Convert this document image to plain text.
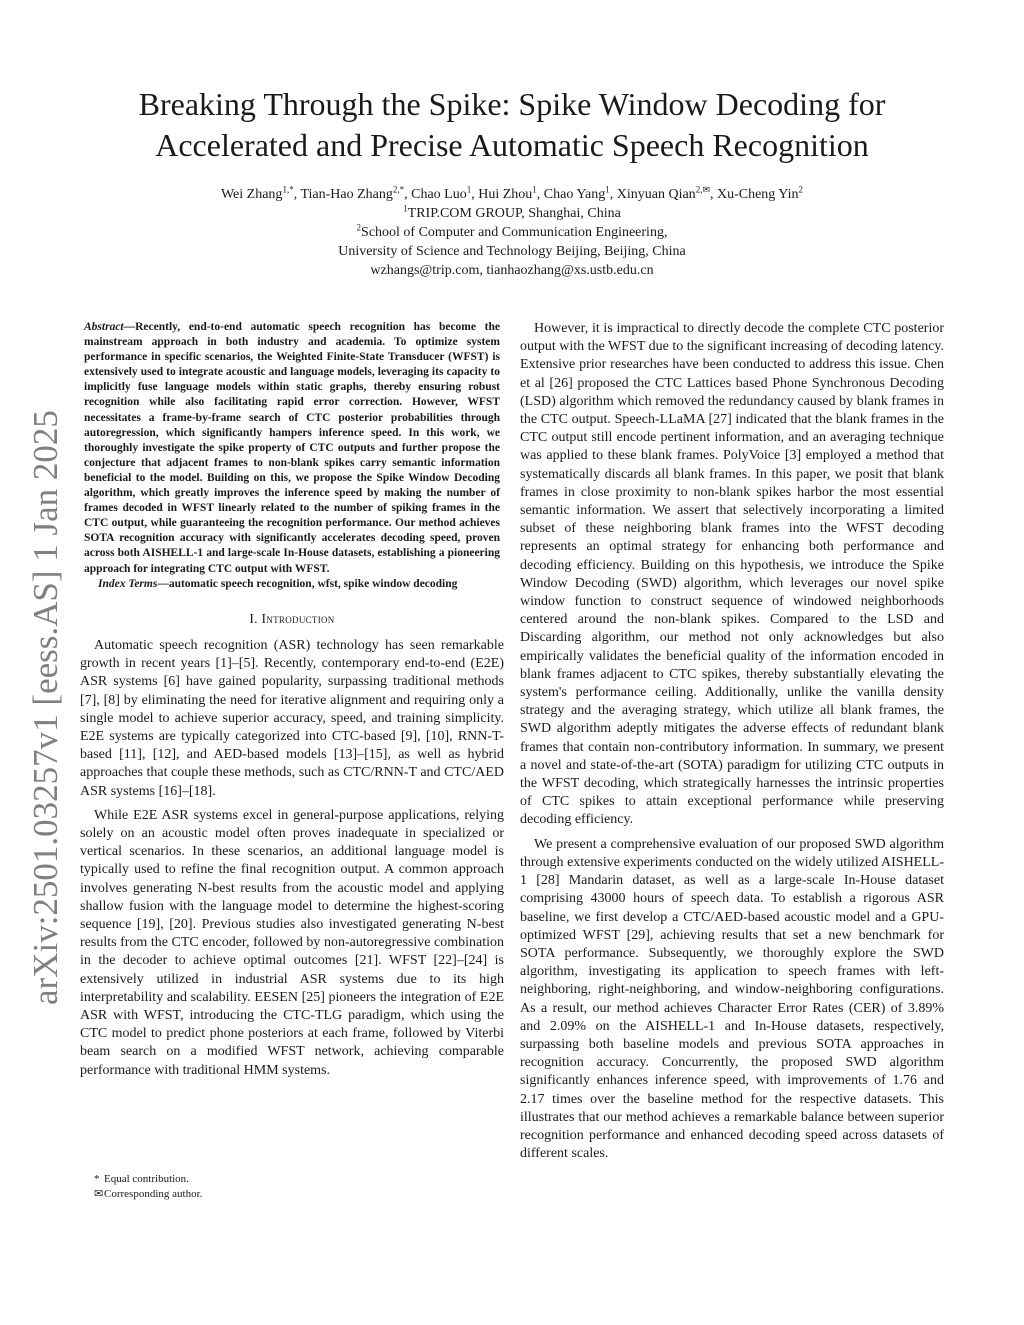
arXiv:2501.03257v1 [eess.AS] 1 Jan 2025
Breaking Through the Spike: Spike Window Decoding for
Accelerated and Precise Automatic Speech Recognition
Wei Zhang$^{1,*}$, Tian-Hao Zhang$^{2,*}$, Chao Luo$^1$, Hui Zhou$^1$, Chao Yang$^1$, Xinyuan Qian$^{2,✉}$, Xu-Cheng Yin$^2$
$^1$TRIP.COM GROUP, Shanghai, China
$^2$School of Computer and Communication Engineering,
University of Science and Technology Beijing, Beijing, China
wzhangs@trip.com, tianhaozhang@xs.ustb.edu.cn

Abstract—Recently, end-to-end automatic speech recognition has become the mainstream approach in both industry and academia. To optimize system performance in specific scenarios, the Weighted Finite-State Transducer (WFST) is extensively used to integrate acoustic and language models, leveraging its capacity to implicitly fuse language models within static graphs, thereby ensuring robust recognition while also facilitating rapid error correction. However, WFST necessitates a frame-by-frame search of CTC posterior probabilities through autoregression, which significantly hampers inference speed. In this work, we thoroughly investigate the spike property of CTC outputs and further propose the conjecture that adjacent frames to non-blank spikes carry semantic information beneficial to the model. Building on this, we propose the Spike Window Decoding algorithm, which greatly improves the inference speed by making the number of frames decoded in WFST linearly related to the number of spiking frames in the CTC output, while guaranteeing the recognition performance. Our method achieves SOTA recognition accuracy with significantly accelerates decoding speed, proven across both AISHELL-1 and large-scale In-House datasets, establishing a pioneering approach for integrating CTC output with WFST.

Index Terms—automatic speech recognition, wfst, spike window decoding

I. Introduction

Automatic speech recognition (ASR) technology has seen remarkable growth in recent years [1]–[5]. Recently, contemporary end-to-end (E2E) ASR systems [6] have gained popularity, surpassing traditional methods [7], [8] by eliminating the need for iterative alignment and requiring only a single model to achieve superior accuracy, speed, and training simplicity. E2E systems are typically categorized into CTC-based [9], [10], RNN-T-based [11], [12], and AED-based models [13]–[15], as well as hybrid approaches that couple these methods, such as CTC/RNN-T and CTC/AED ASR systems [16]–[18].

While E2E ASR systems excel in general-purpose applications, relying solely on an acoustic model often proves inadequate in specialized or vertical scenarios. In these scenarios, an additional language model is typically used to refine the final recognition output. A common approach involves generating N-best results from the acoustic model and applying shallow fusion with the language model to determine the highest-scoring sequence [19], [20]. Previous studies also investigated generating N-best results from the CTC encoder, followed by non-autoregressive combination in the decoder to achieve optimal outcomes [21]. WFST [22]–[24] is extensively utilized in industrial ASR systems due to its high interpretability and scalability. EESEN [25] pioneers the integration of E2E ASR with WFST, introducing the CTC-TLG paradigm, which using the CTC model to predict phone posteriors at each frame, followed by Viterbi beam search on a modified WFST network, achieving comparable performance with traditional HMM systems.

However, it is impractical to directly decode the complete CTC posterior output with the WFST due to the significant increasing of decoding latency. Extensive prior researches have been conducted to address this issue. Chen et al [26] proposed the CTC Lattices based Phone Synchronous Decoding (LSD) algorithm which removed the redundancy caused by blank frames in the CTC output. Speech-LLaMA [27] indicated that the blank frames in the CTC output still encode pertinent information, and an averaging technique was applied to these blank frames. PolyVoice [3] employed a method that systematically discards all blank frames. In this paper, we posit that blank frames in close proximity to non-blank spikes harbor the most essential semantic information. We assert that selectively incorporating a limited subset of these neighboring blank frames into the WFST decoding represents an optimal strategy for enhancing both performance and decoding efficiency. Building on this hypothesis, we introduce the Spike Window Decoding (SWD) algorithm, which leverages our novel spike window function to construct sequence of windowed neighborhoods centered around the non-blank spikes. Compared to the LSD and Discarding algorithm, our method not only acknowledges but also empirically validates the beneficial quality of the information encoded in blank frames adjacent to CTC spikes, thereby substantially elevating the system's performance ceiling. Additionally, unlike the vanilla density strategy and the averaging strategy, which utilize all blank frames, the SWD algorithm adeptly mitigates the adverse effects of redundant blank frames that contain non-contributory information. In summary, we present a novel and state-of-the-art (SOTA) paradigm for utilizing CTC outputs in the WFST decoding, which strategically harnesses the intrinsic properties of CTC spikes to attain exceptional performance while preserving decoding efficiency.

We present a comprehensive evaluation of our proposed SWD algorithm through extensive experiments conducted on the widely utilized AISHELL-1 [28] Mandarin dataset, as well as a large-scale In-House dataset comprising 43000 hours of speech data. To establish a rigorous ASR baseline, we first develop a CTC/AED-based acoustic model and a GPU-optimized WFST [29], achieving results that set a new benchmark for SOTA performance. Subsequently, we thoroughly explore the SWD algorithm, investigating its application to speech frames with left-neighboring, right-neighboring, and window-neighboring configurations. As a result, our method achieves Character Error Rates (CER) of 3.89% and 2.09% on the AISHELL-1 and In-House datasets, respectively, surpassing both baseline models and previous SOTA approaches in recognition accuracy. Concurrently, the proposed SWD algorithm significantly enhances inference speed, with improvements of 1.76 and 2.17 times over the baseline method for the respective datasets. This illustrates that our method achieves a remarkable balance between superior recognition performance and enhanced decoding speed across datasets of different scales.

* Equal contribution.
✉Corresponding author.
